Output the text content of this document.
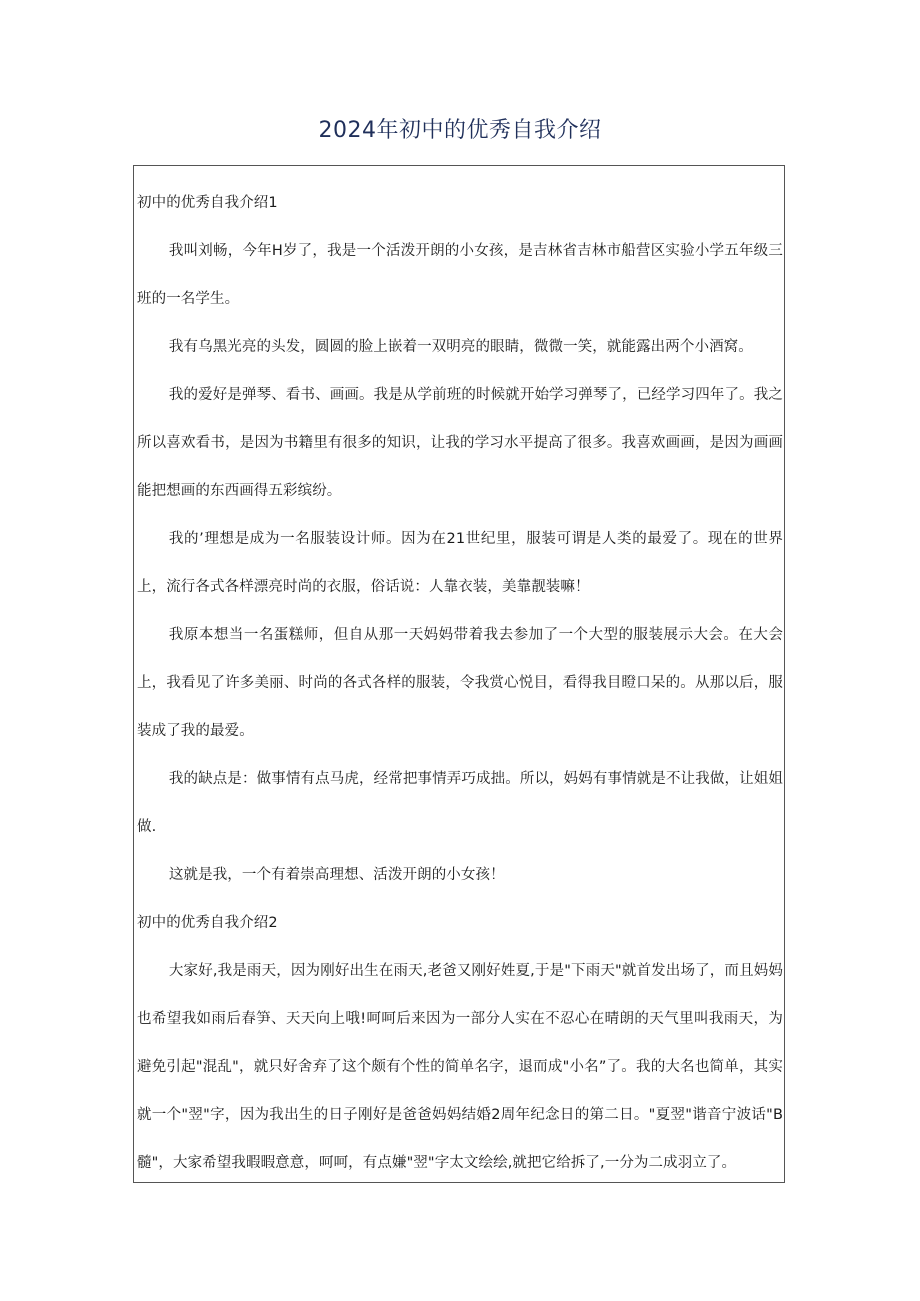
2024年初中的优秀自我介绍
初中的优秀自我介绍1

我叫刘畅，今年H岁了，我是一个活泼开朗的小女孩，是吉林省吉林市船营区实验小学五年级三班的一名学生。

我有乌黑光亮的头发，圆圆的脸上嵌着一双明亮的眼睛，微微一笑，就能露出两个小酒窝。

我的爱好是弹琴、看书、画画。我是从学前班的时候就开始学习弹琴了，已经学习四年了。我之所以喜欢看书，是因为书籍里有很多的知识，让我的学习水平提高了很多。我喜欢画画，是因为画画能把想画的东西画得五彩缤纷。

我的’理想是成为一名服装设计师。因为在21世纪里，服装可谓是人类的最爱了。现在的世界上，流行各式各样漂亮时尚的衣服，俗话说：人靠衣装，美靠靓装嘛！

我原本想当一名蛋糕师，但自从那一天妈妈带着我去参加了一个大型的服装展示大会。在大会上，我看见了许多美丽、时尚的各式各样的服装，令我赏心悦目，看得我目瞪口呆的。从那以后，服装成了我的最爱。

我的缺点是：做事情有点马虎，经常把事情弄巧成拙。所以，妈妈有事情就是不让我做，让姐姐做.

这就是我，一个有着崇高理想、活泼开朗的小女孩！

初中的优秀自我介绍2

大家好,我是雨天，因为刚好出生在雨天,老爸又刚好姓夏,于是"下雨天"就首发出场了，而且妈妈也希望我如雨后春笋、天天向上哦!呵呵后来因为一部分人实在不忍心在晴朗的天气里叫我雨天，为避免引起"混乱"，就只好舍弃了这个颇有个性的简单名字，退而成"小名”了。我的大名也简单，其实就一个"翌"字，因为我出生的日子刚好是爸爸妈妈结婚2周年纪念日的第二日。"夏翌"谐音宁波话"B髓"，大家希望我暇暇意意，呵呵，有点嫌"翌"字太文绘绘,就把它给拆了,一分为二成羽立了。
